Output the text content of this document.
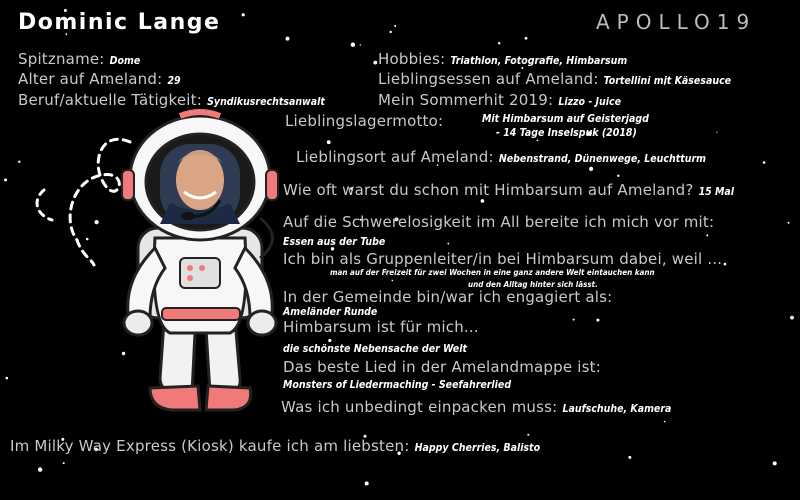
Dominic Lange	APOLLO19
Spitzname: Dome
Alter auf Ameland: 29
Beruf/aktuelle Tätigkeit: Syndikusrechtsanwalt
Hobbies: Triathlon, Fotografie, Himbarsum
Lieblingsessen auf Ameland: Tortellini mit Käsesauce
Mein Sommerhit 2019: Lizzo - Juice
Lieblingslagermotto:	Mit Himbarsum auf Geisterjagd
- 14 Tage Inselspuk (2018)
Lieblingsort auf Ameland: Nebenstrand, Dünenwege, Leuchtturm
Wie oft warst du schon mit Himbarsum auf Ameland? 15 Mal
Auf die Schwerelosigkeit im All bereite ich mich vor mit:
Essen aus der Tube
Ich bin als Gruppenleiter/in bei Himbarsum dabei, weil ...
man auf der Freizeit für zwei Wochen in eine ganz andere Welt eintauchen kann
und den Alltag hinter sich lässt.
In der Gemeinde bin/war ich engagiert als:
Ameländer Runde
Himbarsum ist für mich...
die schönste Nebensache der Welt
Das beste Lied in der Amelandmappe ist:
Monsters of Liedermaching - Seefahrerlied
Was ich unbedingt einpacken muss: Laufschuhe, Kamera
Im Milky Way Express (Kiosk) kaufe ich am liebsten: Happy Cherries, Balisto
